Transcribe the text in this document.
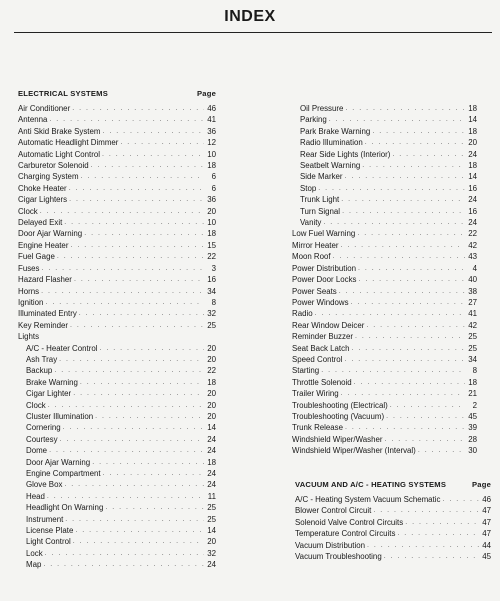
INDEX
ELECTRICAL SYSTEMS	Page
Air Conditioner . . .	46
Antenna . . .	41
Anti Skid Brake System . . .	36
Automatic Headlight Dimmer . . .	12
Automatic Light Control . . .	10
Carburetor Solenoid . . .	18
Charging System . . .	6
Choke Heater . . .	6
Cigar Lighters . . .	36
Clock . . .	20
Delayed Exit . . .	10
Door Ajar Warning . . .	18
Engine Heater . . .	15
Fuel Gage . . .	22
Fuses . . .	3
Hazard Flasher . . .	16
Horns . . .	34
Ignition . . .	8
Illuminated Entry . . .	32
Key Reminder . . .	25
Lights
A/C - Heater Control . . .	20
Ash Tray . . .	20
Backup . . .	22
Brake Warning . . .	18
Cigar Lighter . . .	20
Clock . . .	20
Cluster Illumination . . .	20
Cornering . . .	14
Courtesy . . .	24
Dome . . .	24
Door Ajar Warning . . .	18
Engine Compartment . . .	24
Glove Box . . .	24
Head . . .	11
Headlight On Warning . . .	25
Instrument . . .	25
License Plate . . .	14
Light Control . . .	20
Lock . . .	32
Map . . .	24
Oil Pressure . . .	18
Parking . . .	14
Park Brake Warning . . .	18
Radio Illumination . . .	20
Rear Side Lights (Interior) . . .	24
Seatbelt Warning . . .	18
Side Marker . . .	14
Stop . . .	16
Trunk Light . . .	24
Turn Signal . . .	16
Vanity . . .	24
Low Fuel Warning . . .	22
Mirror Heater . . .	42
Moon Roof . . .	43
Power Distribution . . .	4
Power Door Locks . . .	40
Power Seats . . .	38
Power Windows . . .	27
Radio . . .	41
Rear Window Deicer . . .	42
Reminder Buzzer . . .	25
Seat Back Latch . . .	25
Speed Control . . .	34
Starting . . .	8
Throttle Solenoid . . .	18
Trailer Wiring . . .	21
Troubleshooting (Electrical) . . .	2
Troubleshooting (Vacuum) . . .	45
Trunk Release . . .	39
Windshield Wiper/Washer . . .	28
Windshield Wiper/Washer (Interval) . . .	30
VACUUM AND A/C - HEATING SYSTEMS	Page
A/C - Heating System Vacuum Schematic . . .	46
Blower Control Circuit . . .	47
Solenoid Valve Control Circuits . . .	47
Temperature Control Circuits . . .	47
Vacuum Distribution . . .	44
Vacuum Troubleshooting . . .	45
